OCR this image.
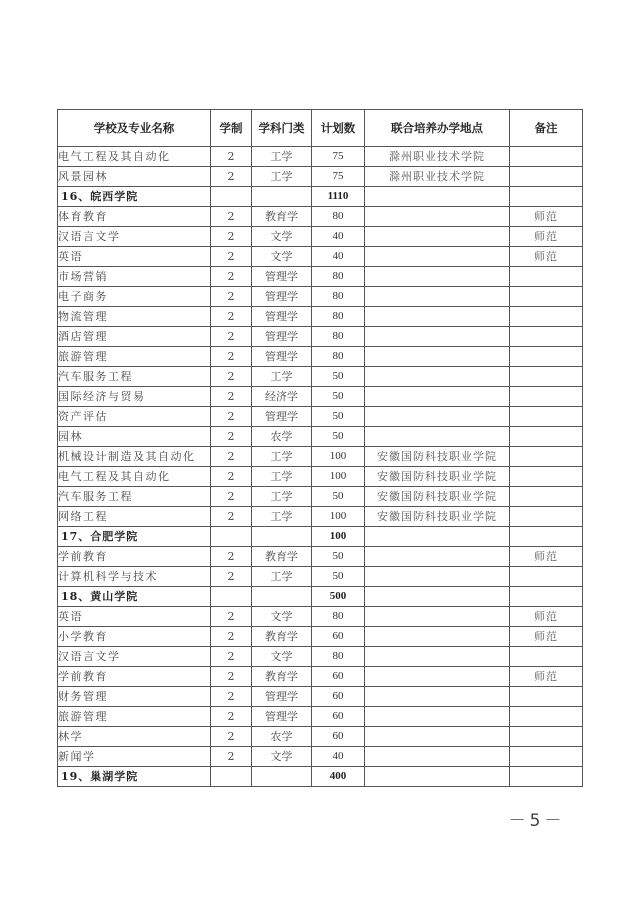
学校及专业名称	学制	学科门类	计划数	联合培养办学地点	备注
电气工程及其自动化	2	工学	75	滁州职业技术学院	
风景园林	2	工学	75	滁州职业技术学院	
16、皖西学院			1110		
体育教育	2	教育学	80		师范
汉语言文学	2	文学	40		师范
英语	2	文学	40		师范
市场营销	2	管理学	80		
电子商务	2	管理学	80		
物流管理	2	管理学	80		
酒店管理	2	管理学	80		
旅游管理	2	管理学	80		
汽车服务工程	2	工学	50		
国际经济与贸易	2	经济学	50		
资产评估	2	管理学	50		
园林	2	农学	50		
机械设计制造及其自动化	2	工学	100	安徽国防科技职业学院	
电气工程及其自动化	2	工学	100	安徽国防科技职业学院	
汽车服务工程	2	工学	50	安徽国防科技职业学院	
网络工程	2	工学	100	安徽国防科技职业学院	
17、合肥学院			100		
学前教育	2	教育学	50		师范
计算机科学与技术	2	工学	50		
18、黄山学院			500		
英语	2	文学	80		师范
小学教育	2	教育学	60		师范
汉语言文学	2	文学	80		
学前教育	2	教育学	60		师范
财务管理	2	管理学	60		
旅游管理	2	管理学	60		
林学	2	农学	60		
新闻学	2	文学	40		
19、巢湖学院			400		
－5－
